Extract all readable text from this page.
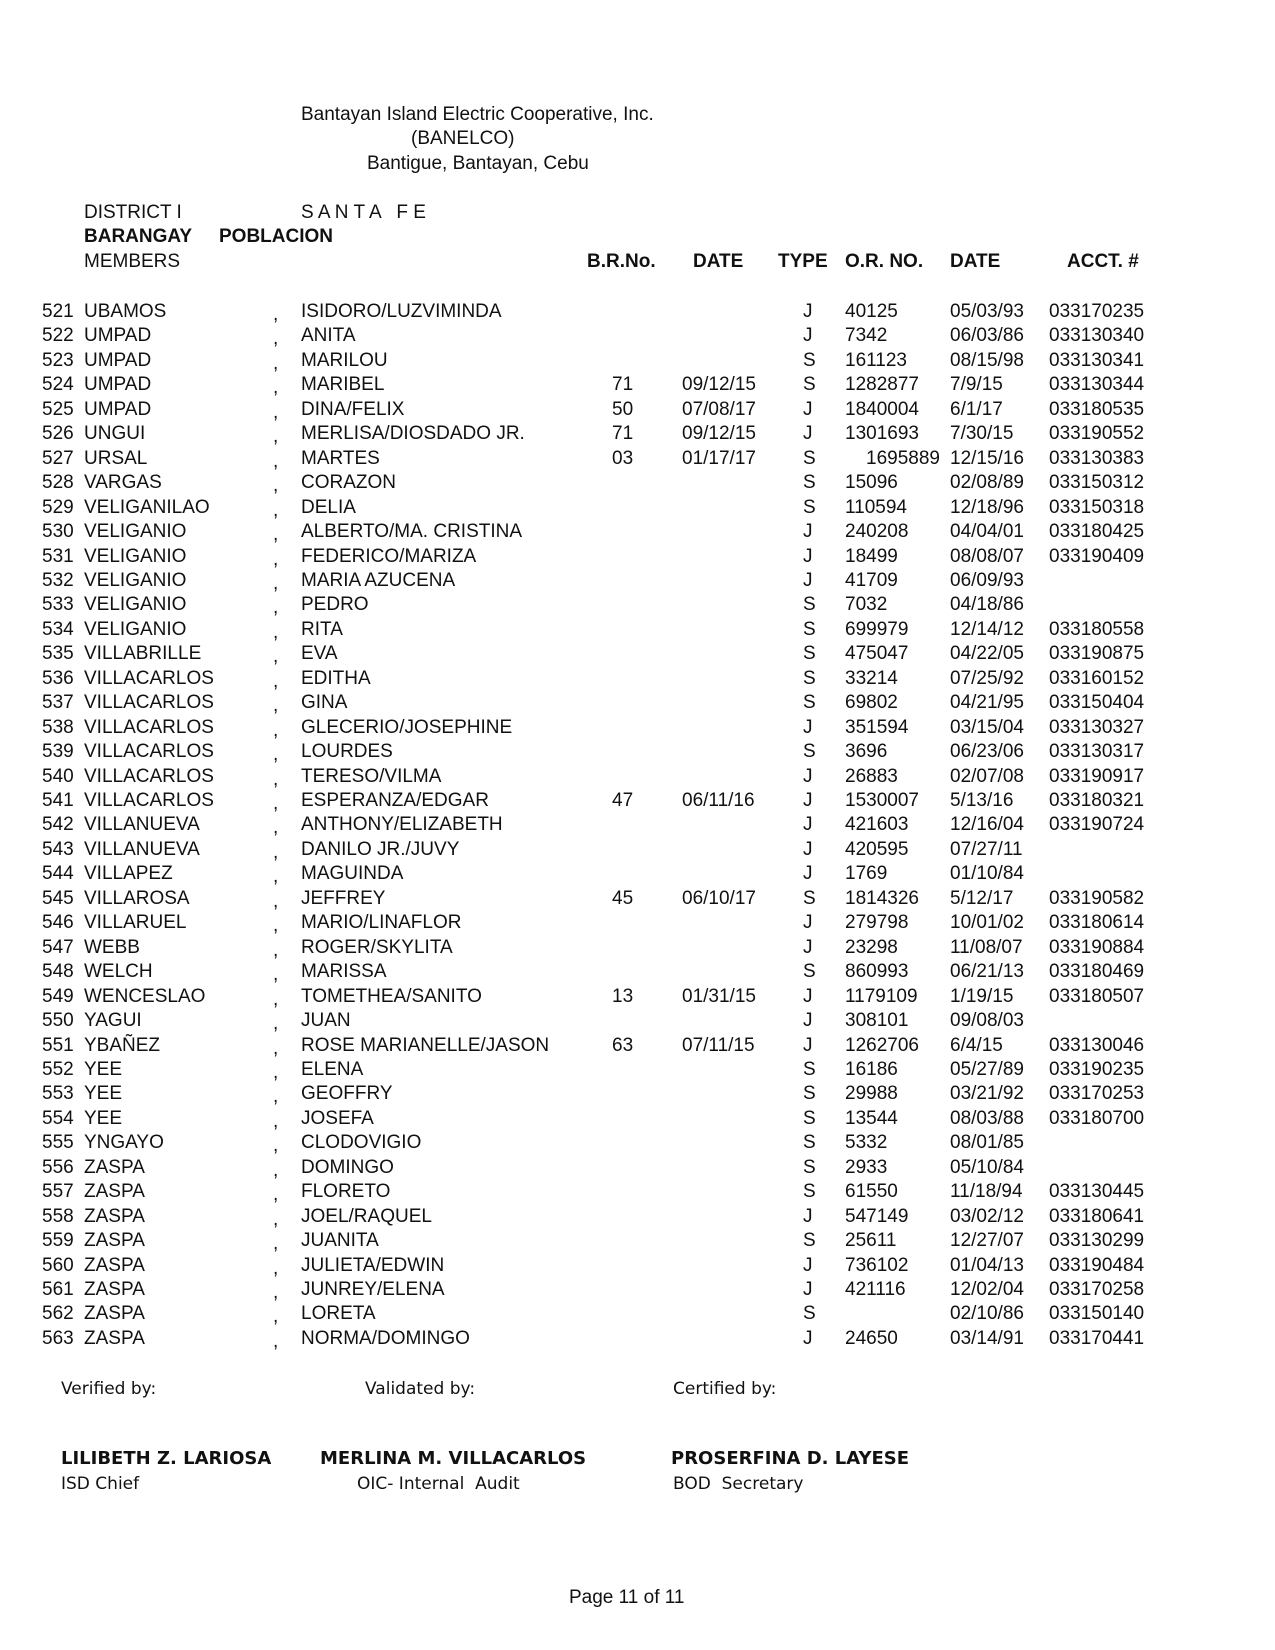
Bantayan Island Electric Cooperative, Inc.
(BANELCO)
Bantigue, Bantayan, Cebu
DISTRICT I	S A N T A   F E
BARANGAY POBLACION
MEMBERS	B.R.No. DATE TYPE O.R. NO. DATE	ACCT. #
521 UBAMOS	, ISIDORO/LUZVIMINDA	J 40125	05/03/93 033170235
522 UMPAD	, ANITA	J 7342	06/03/86 033130340
523 UMPAD	, MARILOU	S 161123 08/15/98 033130341
524 UMPAD	, MARIBEL	71	09/12/15 S 1282877 7/9/15 033130344
525 UMPAD	, DINA/FELIX	50	07/08/17 J 1840004 6/1/17 033180535
526 UNGUI	, MERLISA/DIOSDADO JR.	71	09/12/15 J 1301693 7/30/15 033190552
527 URSAL	, MARTES	03	01/17/17 S	1695889 12/15/16 033130383
528 VARGAS	, CORAZON	S 15096	02/08/89 033150312
529 VELIGANILAO	, DELIA	S 110594 12/18/96 033150318
530 VELIGANIO	, ALBERTO/MA. CRISTINA	J 240208 04/04/01 033180425
531 VELIGANIO	, FEDERICO/MARIZA	J 18499	08/08/07 033190409
532 VELIGANIO	, MARIA AZUCENA	J 41709	06/09/93
533 VELIGANIO	, PEDRO	S 7032	04/18/86
534 VELIGANIO	, RITA	S 699979 12/14/12 033180558
535 VILLABRILLE	, EVA	S 475047 04/22/05 033190875
536 VILLACARLOS	, EDITHA	S 33214	07/25/92 033160152
537 VILLACARLOS	, GINA	S 69802	04/21/95 033150404
538 VILLACARLOS	, GLECERIO/JOSEPHINE	J 351594 03/15/04 033130327
539 VILLACARLOS	, LOURDES	S 3696	06/23/06 033130317
540 VILLACARLOS	, TERESO/VILMA	J 26883	02/07/08 033190917
541 VILLACARLOS	, ESPERANZA/EDGAR	47	06/11/16	J 1530007 5/13/16 033180321
542 VILLANUEVA	, ANTHONY/ELIZABETH	J 421603 12/16/04 033190724
543 VILLANUEVA	, DANILO JR./JUVY	J 420595 07/27/11
544 VILLAPEZ	, MAGUINDA	J 1769	01/10/84
545 VILLAROSA	, JEFFREY	45	06/10/17 S 1814326 5/12/17 033190582
546 VILLARUEL	, MARIO/LINAFLOR	J 279798 10/01/02 033180614
547 WEBB	, ROGER/SKYLITA	J 23298	11/08/07 033190884
548 WELCH	, MARISSA	S 860993 06/21/13 033180469
549 WENCESLAO	, TOMETHEA/SANITO	13	01/31/15 J 1179109 1/19/15 033180507
550 YAGUI	, JUAN	J 308101 09/08/03
551 YBAÑEZ	, ROSE MARIANELLE/JASON	63	07/11/15	J 1262706 6/4/15 033130046
552 YEE	, ELENA	S 16186	05/27/89 033190235
553 YEE	, GEOFFRY	S 29988	03/21/92 033170253
554 YEE	, JOSEFA	S 13544	08/03/88 033180700
555 YNGAYO	, CLODOVIGIO	S 5332	08/01/85
556 ZASPA	, DOMINGO	S 2933	05/10/84
557 ZASPA	, FLORETO	S 61550	11/18/94 033130445
558 ZASPA	, JOEL/RAQUEL	J 547149 03/02/12 033180641
559 ZASPA	, JUANITA	S 25611	12/27/07 033130299
560 ZASPA	, JULIETA/EDWIN	J 736102 01/04/13 033190484
561 ZASPA	, JUNREY/ELENA	J 421116 12/02/04 033170258
562 ZASPA	, LORETA	S	02/10/86 033150140
563 ZASPA	, NORMA/DOMINGO	J 24650	03/14/91 033170441
Verified by:	Validated by:	Certified by:
LILIBETH Z. LARIOSA	MERLINA M. VILLACARLOS	PROSERFINA D. LAYESE
ISD Chief	OIC- Internal  Audit	BOD  Secretary
Page 11 of 11
